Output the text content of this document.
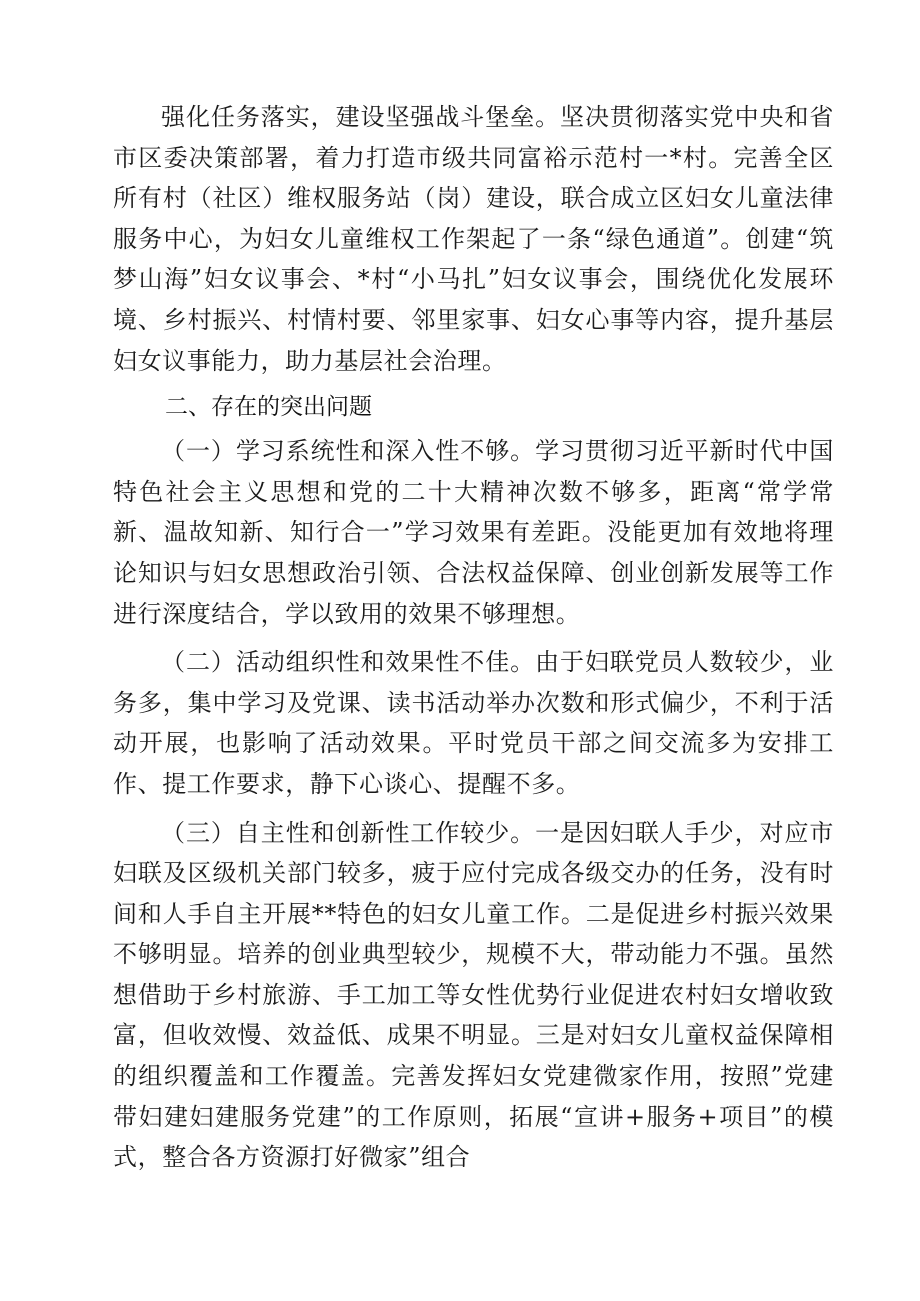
强化任务落实，建设坚强战斗堡垒。坚决贯彻落实党中央和省市区委决策部署，着力打造市级共同富裕示范村一*村。完善全区所有村（社区）维权服务站（岗）建设，联合成立区妇女儿童法律服务中心，为妇女儿童维权工作架起了一条“绿色通道”。创建“筑梦山海”妇女议事会、*村“小马扎”妇女议事会，围绕优化发展环境、乡村振兴、村情村要、邻里家事、妇女心事等内容，提升基层妇女议事能力，助力基层社会治理。

二、存在的突出问题

（一）学习系统性和深入性不够。学习贯彻习近平新时代中国特色社会主义思想和党的二十大精神次数不够多，距离“常学常新、温故知新、知行合一”学习效果有差距。没能更加有效地将理论知识与妇女思想政治引领、合法权益保障、创业创新发展等工作进行深度结合，学以致用的效果不够理想。

（二）活动组织性和效果性不佳。由于妇联党员人数较少，业务多，集中学习及党课、读书活动举办次数和形式偏少，不利于活动开展，也影响了活动效果。平时党员干部之间交流多为安排工作、提工作要求，静下心谈心、提醒不多。

（三）自主性和创新性工作较少。一是因妇联人手少，对应市妇联及区级机关部门较多，疲于应付完成各级交办的任务，没有时间和人手自主开展**特色的妇女儿童工作。二是促进乡村振兴效果不够明显。培养的创业典型较少，规模不大，带动能力不强。虽然想借助于乡村旅游、手工加工等女性优势行业促进农村妇女增收致富，但收效慢、效益低、成果不明显。三是对妇女儿童权益保障相的组织覆盖和工作覆盖。完善发挥妇女党建微家作用，按照”党建带妇建妇建服务党建”的工作原则，拓展“宣讲+服务+项目”的模式，整合各方资源打好微家”组合
